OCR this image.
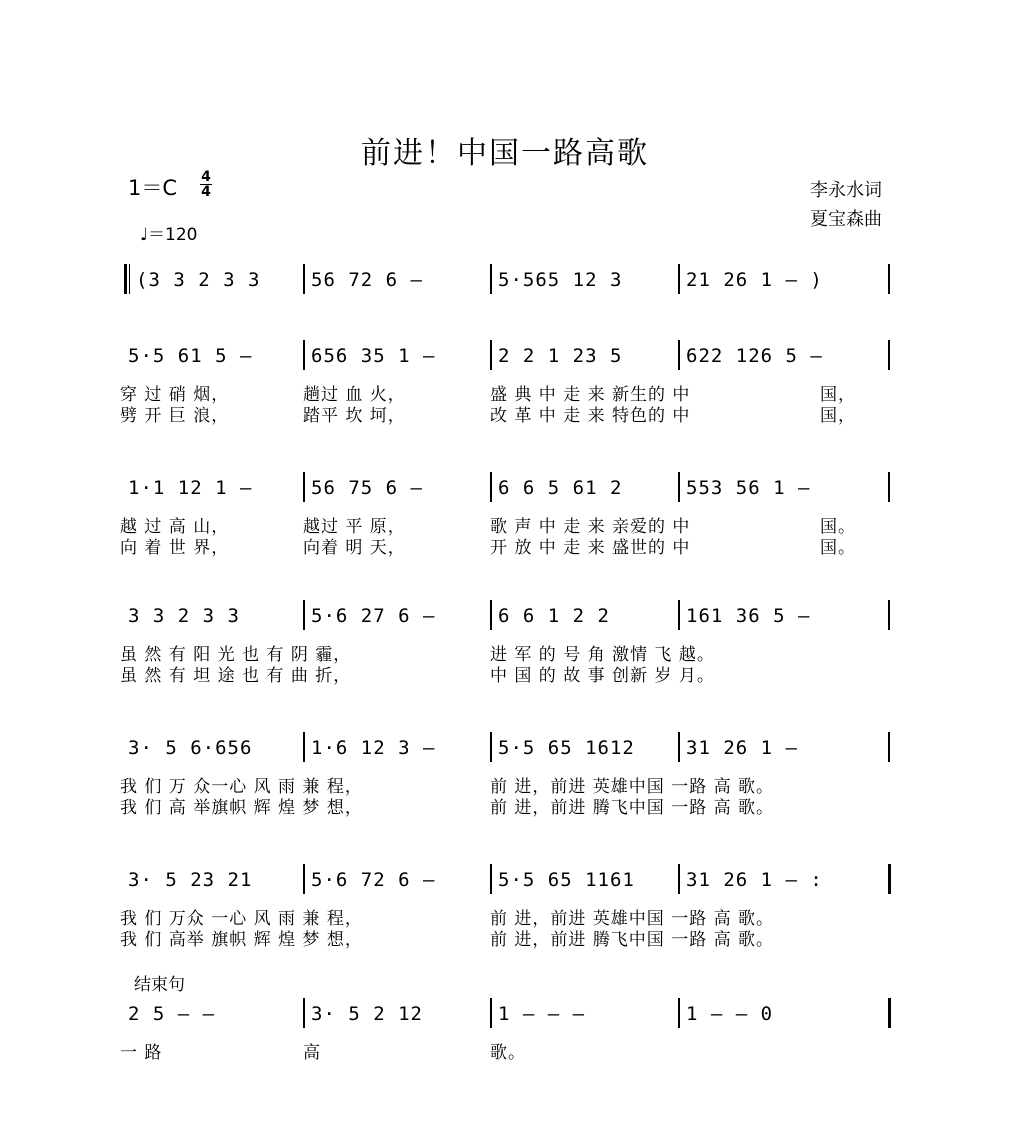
前进！中国一路高歌
1＝C 4
4
♩＝120
李永水词
夏宝森曲
(3 3 2 3 3	56 72 6 –	5·565 12 3	21 26 1 – )
5·5 61 5 –	656 35 1 –	2 2 1 23 5	622 126 5 –
穿 过 硝 烟，	趟过 血 火，	盛 典 中 走 来 新生的 中	国，
劈 开 巨 浪，	踏平 坎 坷，	改 革 中 走 来 特色的 中	国，
1·1 12 1 –	56 75 6 –	6 6 5 61 2	553 56 1 –
越 过 高 山，	越过 平 原，	歌 声 中 走 来 亲爱的 中	国。
向 着 世 界，	向着 明 天，	开 放 中 走 来 盛世的 中	国。
3 3 2 3 3	5·6 27 6 –	6 6 1 2 2	161 36 5 –
虽 然 有 阳 光 也 有 阴 霾，	进 军 的 号 角 激情 飞 越。
虽 然 有 坦 途 也 有 曲 折，	中 国 的 故 事 创新 岁 月。
3· 5 6·656	1·6 12 3 –	5·5 65 1612	31 26 1 –
我 们 万 众一心 风 雨 兼 程，	前 进，前进 英雄中国 一路 高 歌。
我 们 高 举旗帜 辉 煌 梦 想，	前 进，前进 腾飞中国 一路 高 歌。
3· 5 23 21	5·6 72 6 –	5·5 65 1161	31 26 1 – :
我 们 万众 一心 风 雨 兼 程，	前 进，前进 英雄中国 一路 高 歌。
我 们 高举 旗帜 辉 煌 梦 想，	前 进，前进 腾飞中国 一路 高 歌。
结束句
2 5 – –	3· 5 2 12	1 – – –	1 – – 0
一 路	高	歌。
